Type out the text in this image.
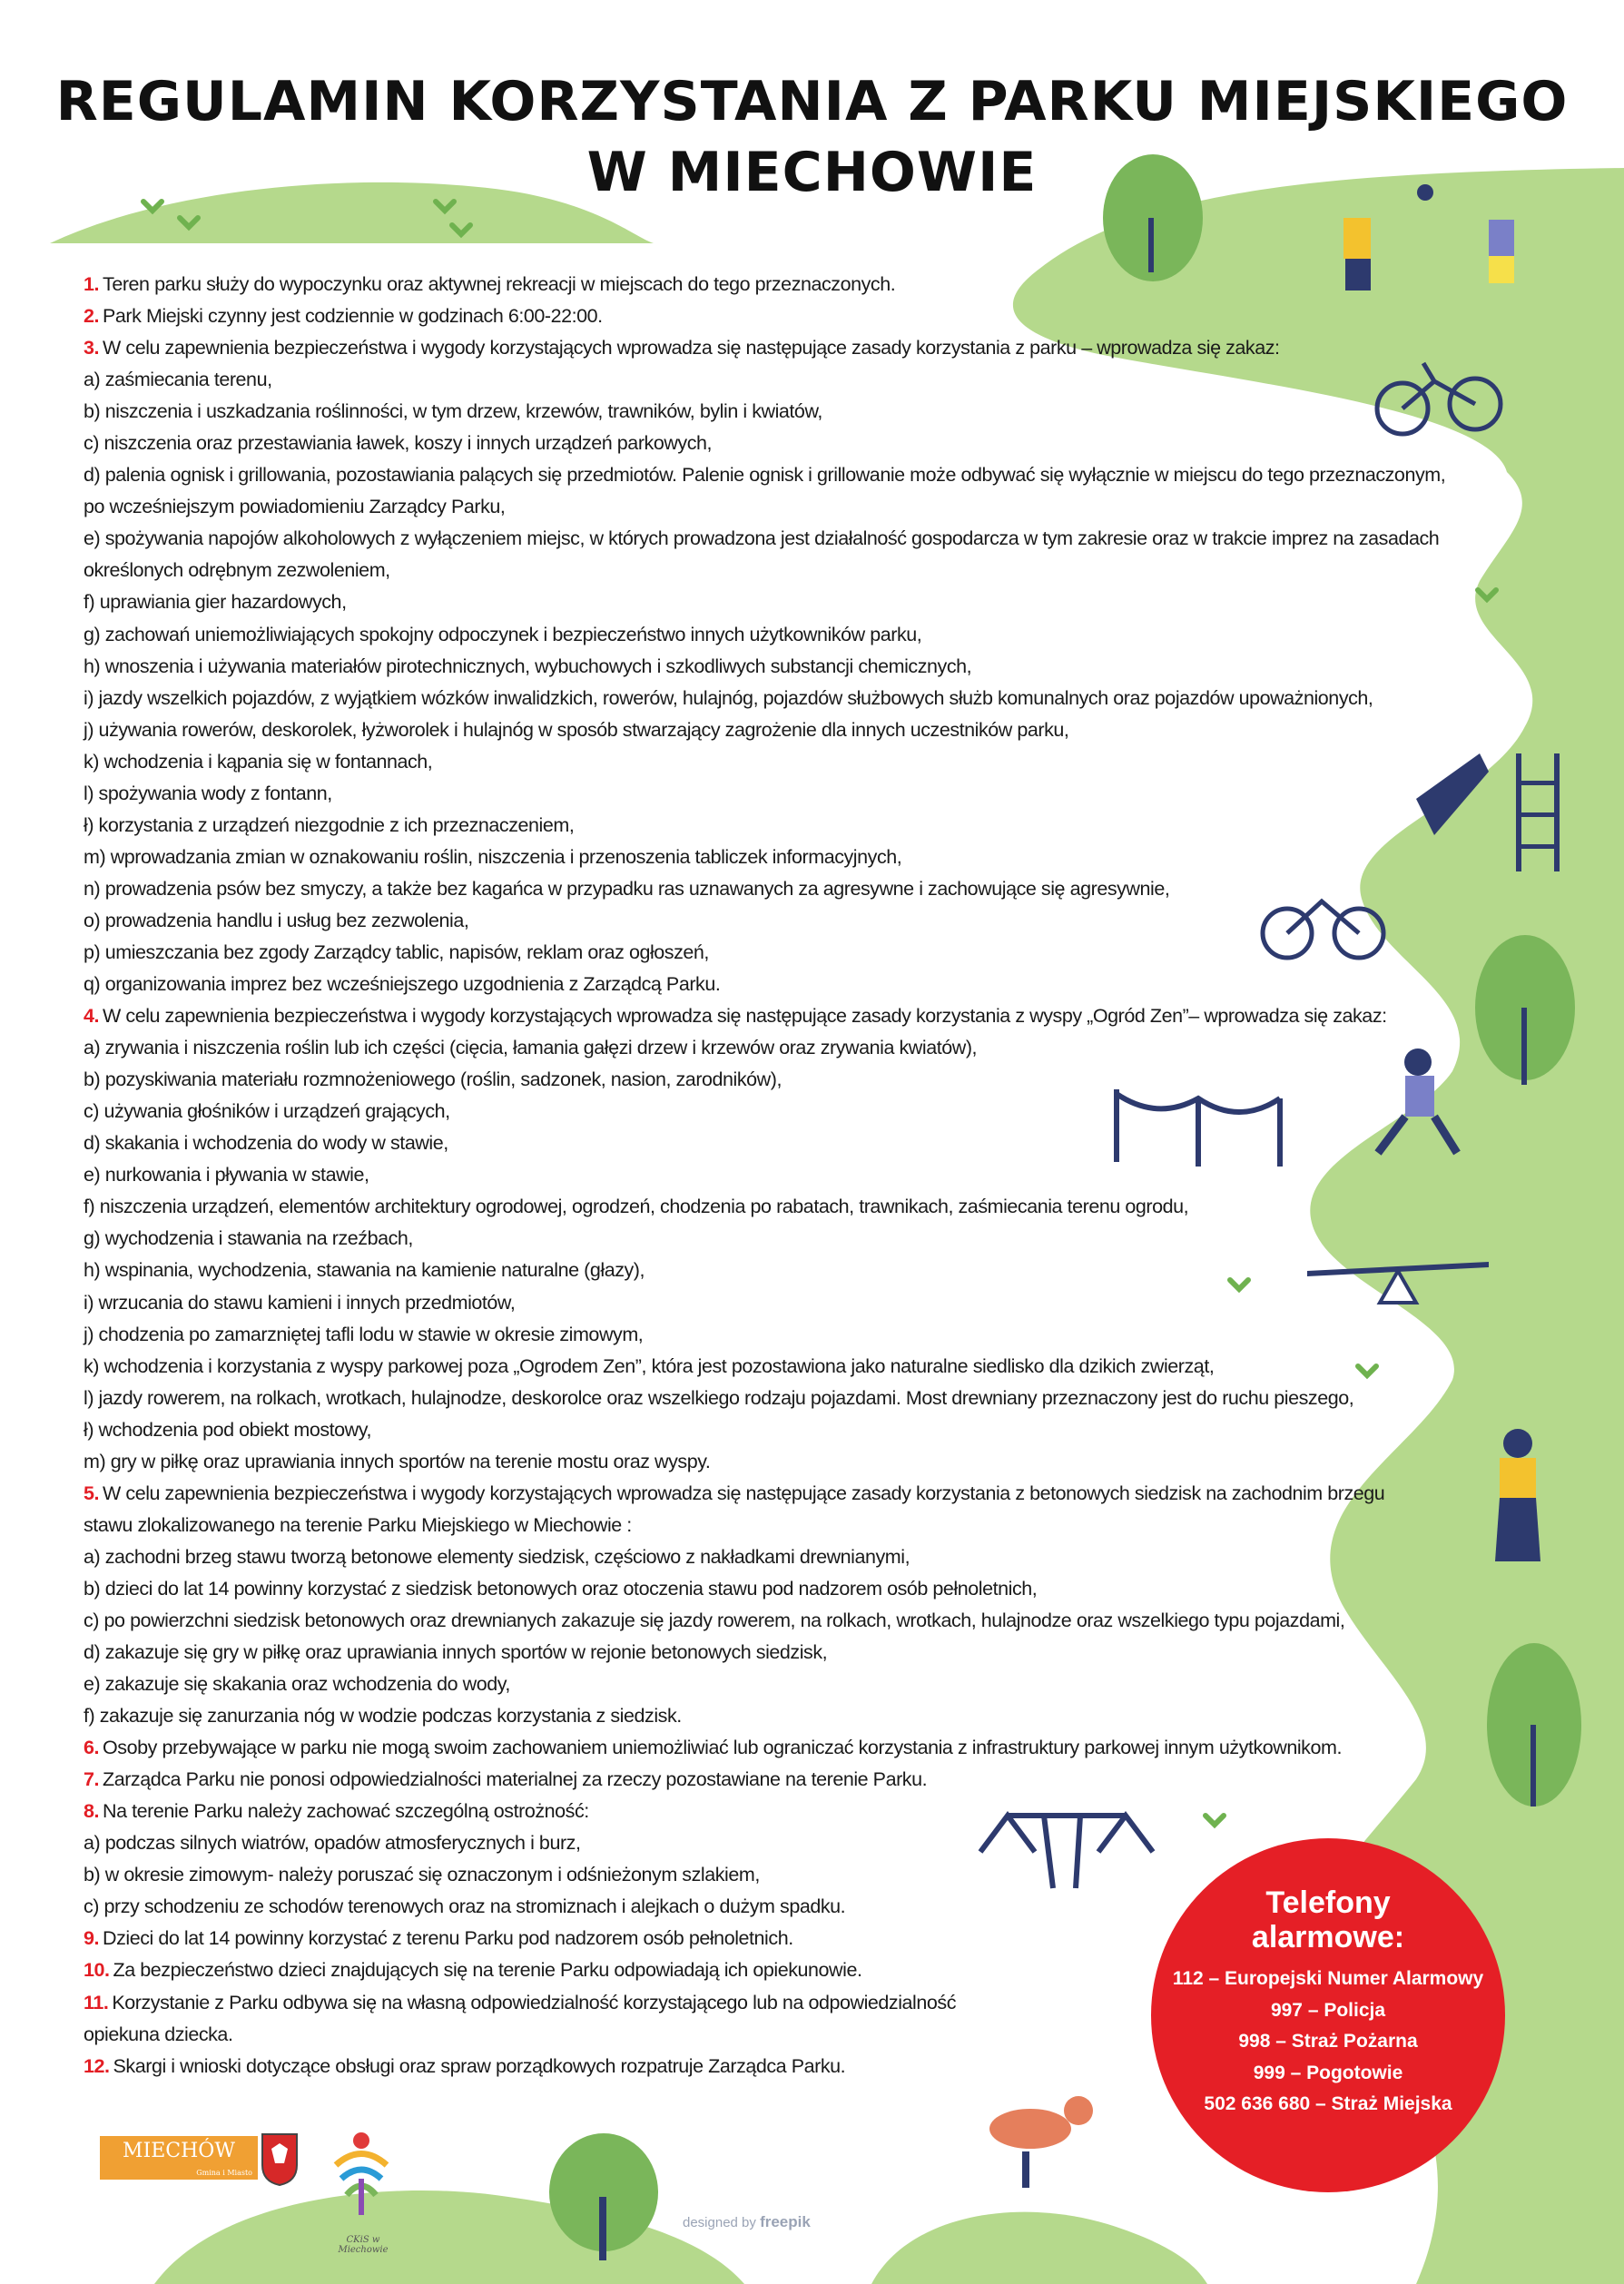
REGULAMIN KORZYSTANIA Z PARKU MIEJSKIEGO
W MIECHOWIE
1. Teren parku służy do wypoczynku oraz aktywnej rekreacji w miejscach do tego przeznaczonych.
2. Park Miejski czynny jest codziennie w godzinach 6:00-22:00.
3. W celu zapewnienia bezpieczeństwa i wygody korzystających wprowadza się następujące zasady korzystania z parku – wprowadza się zakaz:
a) zaśmiecania terenu,
b) niszczenia i uszkadzania roślinności, w tym drzew, krzewów, trawników, bylin i kwiatów,
c) niszczenia oraz przestawiania ławek, koszy i innych urządzeń parkowych,
d) palenia ognisk i grillowania, pozostawiania palących się przedmiotów. Palenie ognisk i grillowanie może odbywać się wyłącznie w miejscu do tego przeznaczonym,
po wcześniejszym powiadomieniu Zarządcy Parku,
e) spożywania napojów alkoholowych z wyłączeniem miejsc, w których prowadzona jest działalność gospodarcza w tym zakresie oraz w trakcie imprez na zasadach
określonych odrębnym zezwoleniem,
f) uprawiania gier hazardowych,
g) zachowań uniemożliwiających spokojny odpoczynek i bezpieczeństwo innych użytkowników parku,
h) wnoszenia i używania materiałów pirotechnicznych, wybuchowych i szkodliwych substancji chemicznych,
i) jazdy wszelkich pojazdów, z wyjątkiem wózków inwalidzkich, rowerów, hulajnóg, pojazdów służbowych służb komunalnych oraz pojazdów upoważnionych,
j) używania rowerów, deskorolek, łyżworolek i hulajnóg w sposób stwarzający zagrożenie dla innych uczestników parku,
k) wchodzenia i kąpania się w fontannach,
l) spożywania wody z fontann,
ł) korzystania z urządzeń niezgodnie z ich przeznaczeniem,
m) wprowadzania zmian w oznakowaniu roślin, niszczenia i przenoszenia tabliczek informacyjnych,
n) prowadzenia psów bez smyczy, a także bez kagańca w przypadku ras uznawanych za agresywne i zachowujące się agresywnie,
o) prowadzenia handlu i usług bez zezwolenia,
p) umieszczania bez zgody Zarządcy tablic, napisów, reklam oraz ogłoszeń,
q) organizowania imprez bez wcześniejszego uzgodnienia z Zarządcą Parku.
4. W celu zapewnienia bezpieczeństwa i wygody korzystających wprowadza się następujące zasady korzystania z wyspy „Ogród Zen”– wprowadza się zakaz:
a) zrywania i niszczenia roślin lub ich części (cięcia, łamania gałęzi drzew i krzewów oraz zrywania kwiatów),
b) pozyskiwania materiału rozmnożeniowego (roślin, sadzonek, nasion, zarodników),
c) używania głośników i urządzeń grających,
d) skakania i wchodzenia do wody w stawie,
e) nurkowania i pływania w stawie,
f) niszczenia urządzeń, elementów architektury ogrodowej, ogrodzeń, chodzenia po rabatach, trawnikach, zaśmiecania terenu ogrodu,
g) wychodzenia i stawania na rzeźbach,
h) wspinania, wychodzenia, stawania na kamienie naturalne (głazy),
i) wrzucania do stawu kamieni i innych przedmiotów,
j) chodzenia po zamarzniętej tafli lodu w stawie w okresie zimowym,
k) wchodzenia i korzystania z wyspy parkowej poza „Ogrodem Zen”, która jest pozostawiona jako naturalne siedlisko dla dzikich zwierząt,
l) jazdy rowerem, na rolkach, wrotkach, hulajnodze, deskorolce oraz wszelkiego rodzaju pojazdami. Most drewniany przeznaczony jest do ruchu pieszego,
ł) wchodzenia pod obiekt mostowy,
m) gry w piłkę oraz uprawiania innych sportów na terenie mostu oraz wyspy.
5. W celu zapewnienia bezpieczeństwa i wygody korzystających wprowadza się następujące zasady korzystania z betonowych siedzisk na zachodnim brzegu
stawu zlokalizowanego na terenie Parku Miejskiego w Miechowie :
a) zachodni brzeg stawu tworzą betonowe elementy siedzisk, częściowo z nakładkami drewnianymi,
b) dzieci do lat 14 powinny korzystać z siedzisk betonowych oraz otoczenia stawu pod nadzorem osób pełnoletnich,
c) po powierzchni siedzisk betonowych oraz drewnianych zakazuje się jazdy rowerem, na rolkach, wrotkach, hulajnodze oraz wszelkiego typu pojazdami,
d) zakazuje się gry w piłkę oraz uprawiania innych sportów w rejonie betonowych siedzisk,
e) zakazuje się skakania oraz wchodzenia do wody,
f) zakazuje się zanurzania nóg w wodzie podczas korzystania z siedzisk.
6. Osoby przebywające w parku nie mogą swoim zachowaniem uniemożliwiać lub ograniczać korzystania z infrastruktury parkowej innym użytkownikom.
7. Zarządca Parku nie ponosi odpowiedzialności materialnej za rzeczy pozostawiane na terenie Parku.
8. Na terenie Parku należy zachować szczególną ostrożność:
a) podczas silnych wiatrów, opadów atmosferycznych i burz,
b) w okresie zimowym- należy poruszać się oznaczonym i odśnieżonym szlakiem,
c) przy schodzeniu ze schodów terenowych oraz na stromiznach i alejkach o dużym spadku.
9. Dzieci do lat 14 powinny korzystać z terenu Parku pod nadzorem osób pełnoletnich.
10. Za bezpieczeństwo dzieci znajdujących się na terenie Parku odpowiadają ich opiekunowie.
11. Korzystanie z Parku odbywa się na własną odpowiedzialność korzystającego lub na odpowiedzialność
opiekuna dziecka.
12. Skargi i wnioski dotyczące obsługi oraz spraw porządkowych rozpatruje Zarządca Parku.
Telefony
alarmowe:
112 – Europejski Numer Alarmowy
997 – Policja
998 – Straż Pożarna
999 – Pogotowie
502 636 680 – Straż Miejska
MIECHÓW
Gmina i Miasto
CKiS w Miechowie
designed by freepik
